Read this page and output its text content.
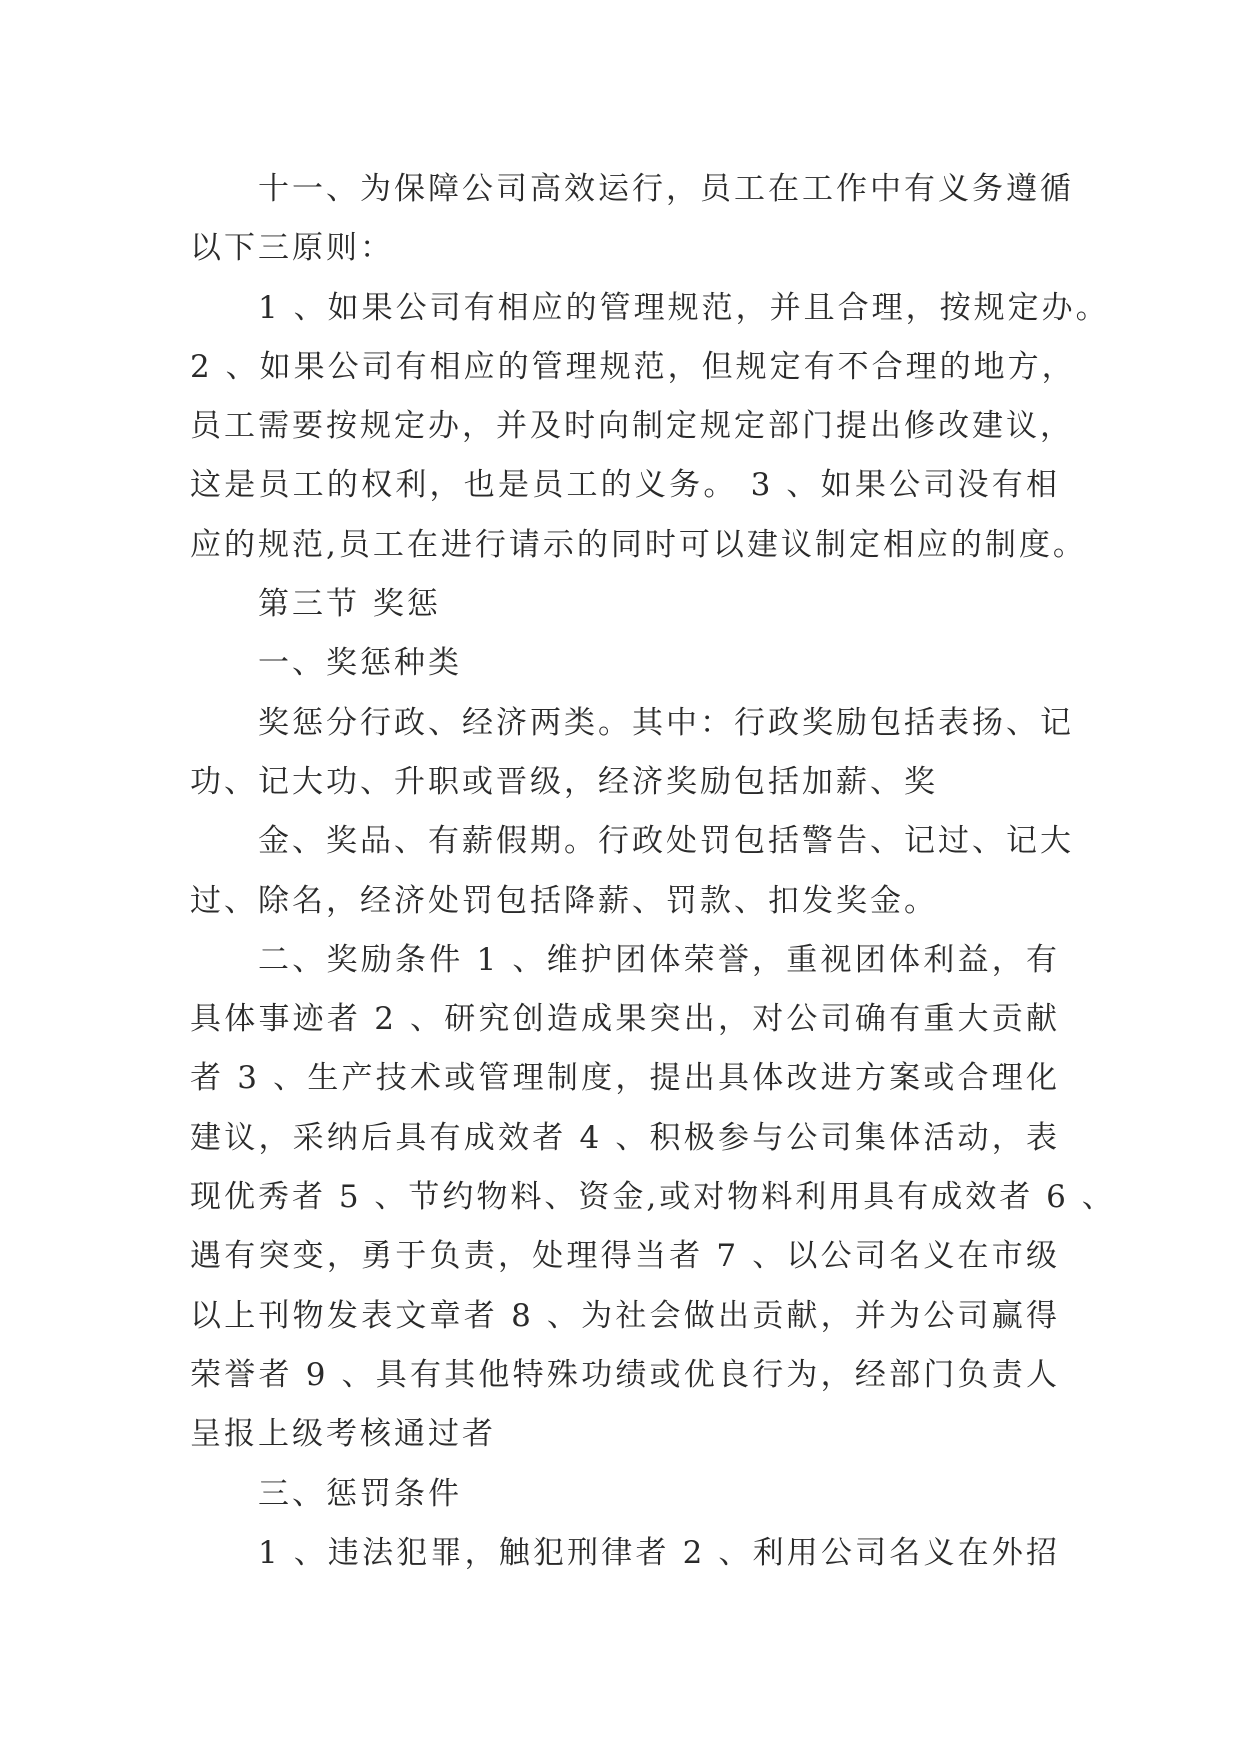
十一、为保障公司高效运行，员工在工作中有义务遵循
以下三原则：
1 、如果公司有相应的管理规范，并且合理，按规定办。
2 、如果公司有相应的管理规范，但规定有不合理的地方，
员工需要按规定办，并及时向制定规定部门提出修改建议，
这是员工的权利，也是员工的义务。 3 、如果公司没有相
应的规范,员工在进行请示的同时可以建议制定相应的制度。
第三节 奖惩
一、奖惩种类
奖惩分行政、经济两类。其中：行政奖励包括表扬、记
功、记大功、升职或晋级，经济奖励包括加薪、奖
金、奖品、有薪假期。行政处罚包括警告、记过、记大
过、除名，经济处罚包括降薪、罚款、扣发奖金。
二、奖励条件 1 、维护团体荣誉，重视团体利益，有
具体事迹者 2 、研究创造成果突出，对公司确有重大贡献
者 3 、生产技术或管理制度，提出具体改进方案或合理化
建议，采纳后具有成效者 4 、积极参与公司集体活动，表
现优秀者 5 、节约物料、资金,或对物料利用具有成效者 6 、
遇有突变，勇于负责，处理得当者 7 、以公司名义在市级
以上刊物发表文章者 8 、为社会做出贡献，并为公司赢得
荣誉者 9 、具有其他特殊功绩或优良行为，经部门负责人
呈报上级考核通过者
三、惩罚条件
1 、违法犯罪，触犯刑律者 2 、利用公司名义在外招
